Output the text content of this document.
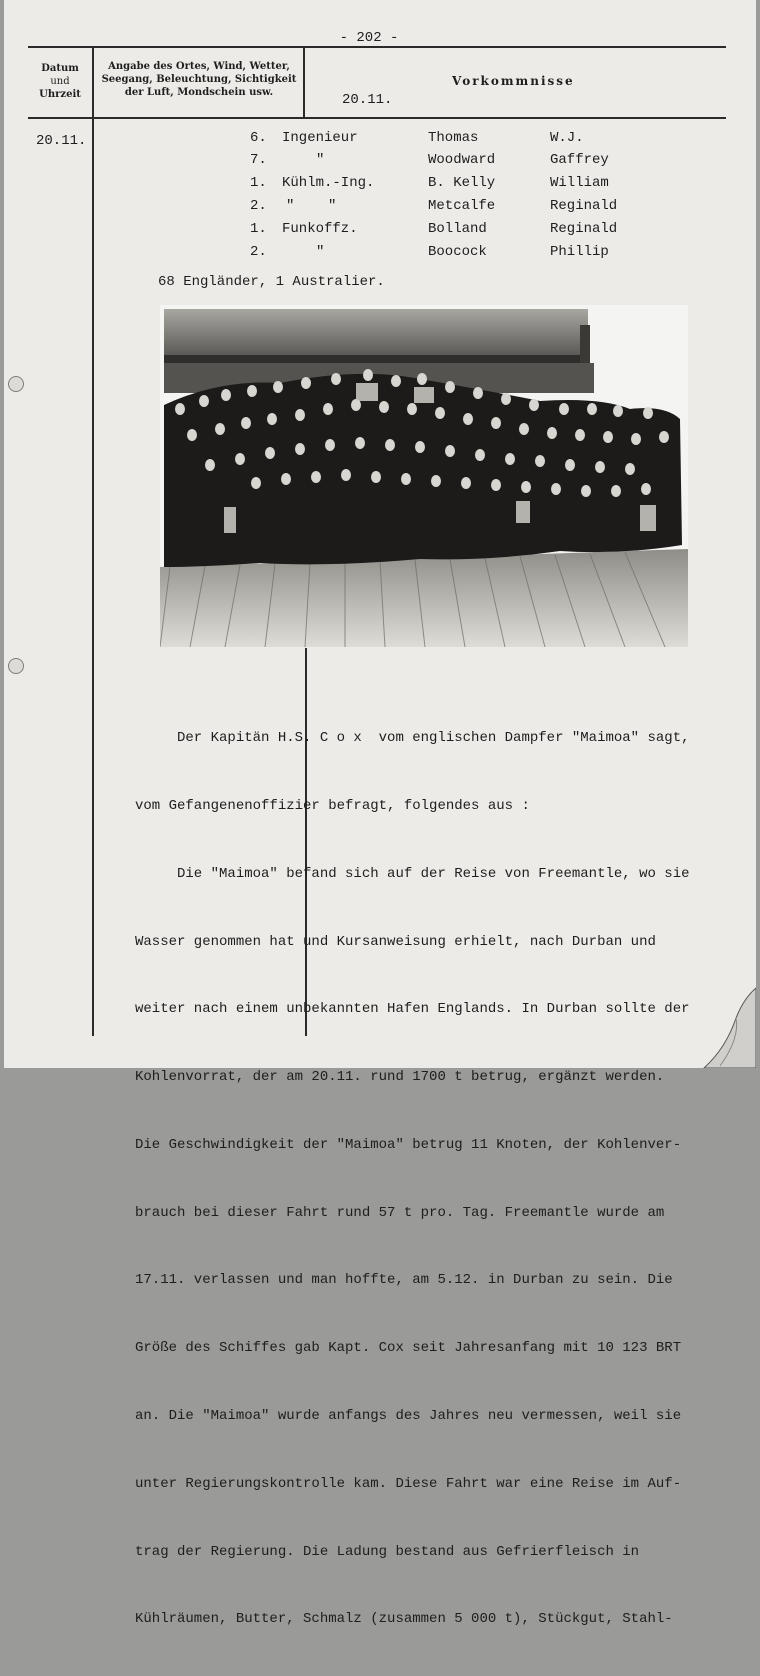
- 202 -
Datum
und
Uhrzeit
Angabe des Ortes, Wind, Wetter,
Seegang, Beleuchtung, Sichtigkeit
der Luft, Mondschein usw.	20.11.
Vorkommnisse
20.11.	6. Ingenieur	Thomas	W.J.
7.	"	Woodward	Gaffrey
1. Kühlm.-Ing.	B. Kelly	William
2. "    "	Metcalfe	Reginald
1. Funkoffz.	Bolland	Reginald
2.	"	Boocock	Phillip
68 Engländer, 1 Australier.

Der Kapitän H.S. C o x  vom englischen Dampfer "Maimoa" sagt,

vom Gefangenenoffizier befragt, folgendes aus :

Die "Maimoa" befand sich auf der Reise von Freemantle, wo sie

Wasser genommen hat und Kursanweisung erhielt, nach Durban und

weiter nach einem unbekannten Hafen Englands. In Durban sollte der

Kohlenvorrat, der am 20.11. rund 1700 t betrug, ergänzt werden.

Die Geschwindigkeit der "Maimoa" betrug 11 Knoten, der Kohlenver-

brauch bei dieser Fahrt rund 57 t pro. Tag. Freemantle wurde am

17.11. verlassen und man hoffte, am 5.12. in Durban zu sein. Die

Größe des Schiffes gab Kapt. Cox seit Jahresanfang mit 10 123 BRT

an. Die "Maimoa" wurde anfangs des Jahres neu vermessen, weil sie

unter Regierungskontrolle kam. Diese Fahrt war eine Reise im Auf-

trag der Regierung. Die Ladung bestand aus Gefrierfleisch in

Kühlräumen, Butter, Schmalz (zusammen 5 000 t), Stückgut, Stahl-
